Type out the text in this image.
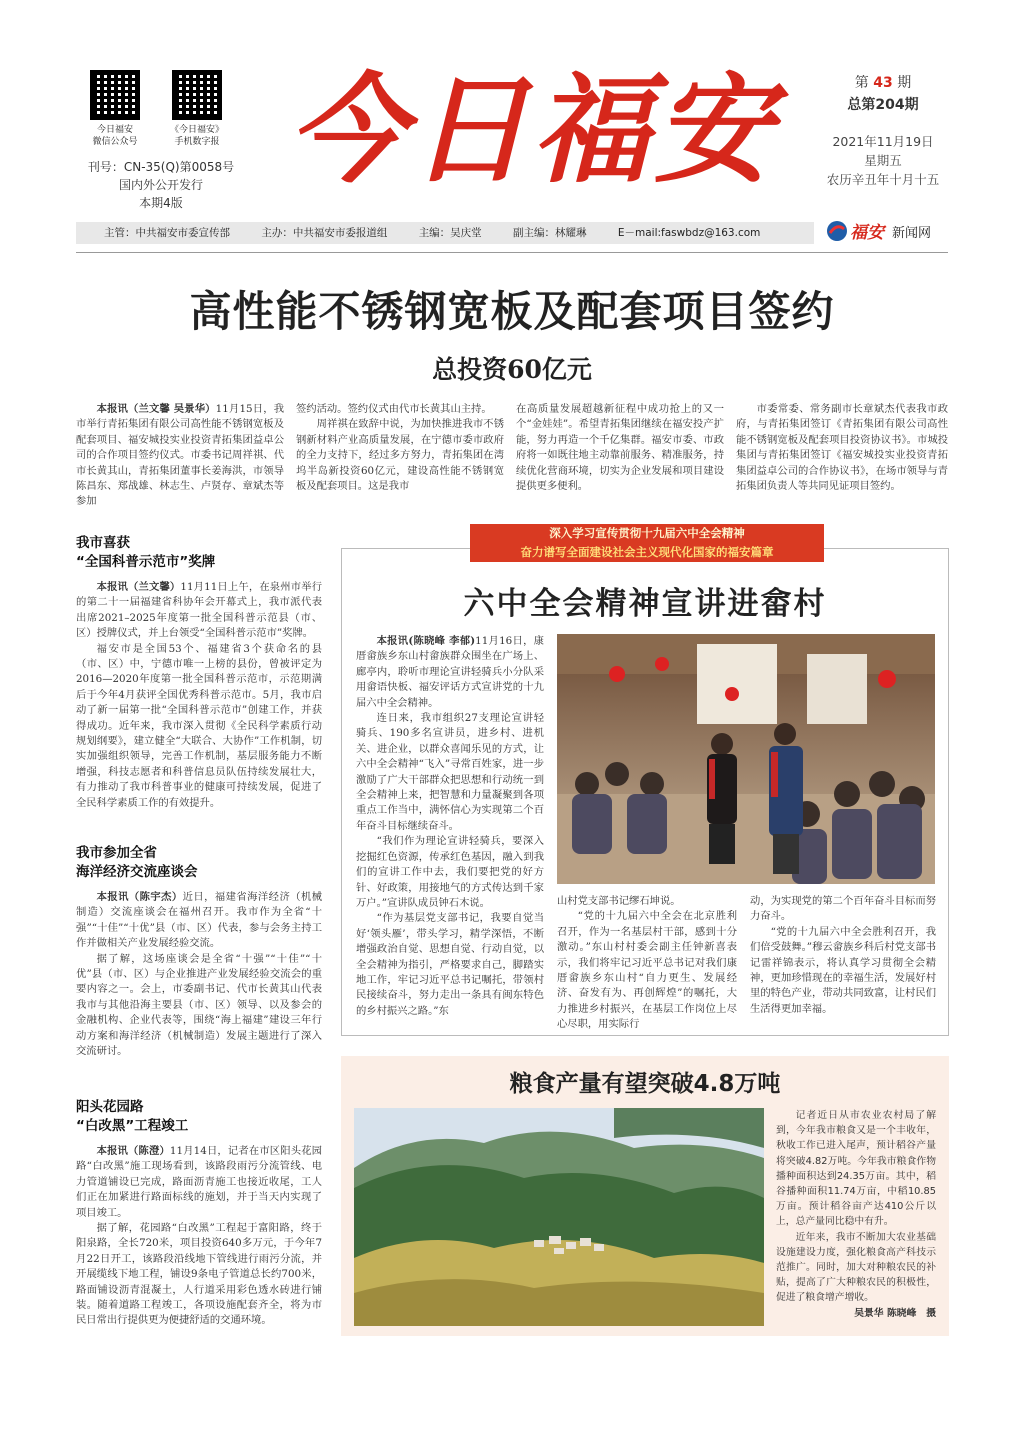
今日福安
微信公众号
《今日福安》
手机数字报
刊号：CN-35(Q)第0058号
国内外公开发行
本期4版
今日福安	第 43 期
总第204期
2021年11月19日
星期五
农历辛丑年十月十五
主管：中共福安市委宣传部	主办：中共福安市委报道组	主编：吴庆堂	副主编：林耀琳	E－mail:faswbdz@163.com	福安 新闻网
高性能不锈钢宽板及配套项目签约
总投资60亿元

本报讯（兰文馨 吴景华）11月15日，我市举行青拓集团有限公司高性能不锈钢宽板及配套项目、福安城投实业投资青拓集团益卓公司的合作项目签约仪式。市委书记周祥祺、代市长黄其山，青拓集团董事长姜海洪，市领导陈昌东、郑战雄、林志生、卢贤存、章斌杰等参加

签约活动。签约仪式由代市长黄其山主持。

周祥祺在致辞中说，为加快推进我市不锈钢新材料产业高质量发展，在宁德市委市政府的全力支持下，经过多方努力，青拓集团在湾坞半岛新投资60亿元，建设高性能不锈钢宽板及配套项目。这是我市

在高质量发展超越新征程中成功抢上的又一个“金娃娃”。希望青拓集团继续在福安投产扩能，努力再造一个千亿集群。福安市委、市政府将一如既往地主动靠前服务、精准服务，持续优化营商环境，切实为企业发展和项目建设提供更多便利。

市委常委、常务副市长章斌杰代表我市政府，与青拓集团签订《青拓集团有限公司高性能不锈钢宽板及配套项目投资协议书》。市城投集团与青拓集团签订《福安城投实业投资青拓集团益卓公司的合作协议书》，在场市领导与青拓集团负责人等共同见证项目签约。

我市喜获
“全国科普示范市”奖牌

本报讯（兰文馨）11月11日上午，在泉州市举行的第二十一届福建省科协年会开幕式上，我市派代表出席2021–2025年度第一批全国科普示范县（市、区）授牌仪式，并上台领受“全国科普示范市”奖牌。

福安市是全国53个、福建省3个获命名的县（市、区）中，宁德市唯一上榜的县份，曾被评定为2016—2020年度第一批全国科普示范市，示范期满后于今年4月获评全国优秀科普示范市。5月，我市启动了新一届第一批“全国科普示范市”创建工作，并获得成功。近年来，我市深入贯彻《全民科学素质行动规划纲要》，建立健全“大联合、大协作”工作机制，切实加强组织领导，完善工作机制，基层服务能力不断增强，科技志愿者和科普信息员队伍持续发展壮大，有力推动了我市科普事业的健康可持续发展，促进了全民科学素质工作的有效提升。

我市参加全省
海洋经济交流座谈会

本报讯（陈宇杰）近日，福建省海洋经济（机械制造）交流座谈会在福州召开。我市作为全省“十强”“十佳”“十优”县（市、区）代表，参与会务主持工作并做相关产业发展经验交流。

据了解，这场座谈会是全省“十强”“十佳”“十优”县（市、区）与企业推进产业发展经验交流会的重要内容之一。会上，市委副书记、代市长黄其山代表我市与其他沿海主要县（市、区）领导、以及参会的金融机构、企业代表等，围绕“海上福建”建设三年行动方案和海洋经济（机械制造）发展主题进行了深入交流研讨。

阳头花园路
“白改黑”工程竣工

本报讯（陈澄）11月14日，记者在市区阳头花园路“白改黑”施工现场看到，该路段雨污分流管线、电力管道铺设已完成，路面沥青施工也接近收尾，工人们正在加紧进行路面标线的施划，并于当天内实现了项目竣工。

据了解，花园路“白改黑”工程起于富阳路，终于阳泉路，全长720米，项目投资640多万元，于今年7月22日开工，该路段沿线地下管线进行雨污分流，并开展缆线下地工程，铺设9条电子管道总长约700米，路面铺设沥青混凝土，人行道采用彩色透水砖进行铺装。随着道路工程竣工，各项设施配套齐全，将为市民日常出行提供更为便捷舒适的交通环境。

深入学习宣传贯彻十九届六中全会精神
奋力谱写全面建设社会主义现代化国家的福安篇章
六中全会精神宣讲进畲村

本报讯(陈晓峰 李郁)11月16日，康厝畲族乡东山村畲族群众围坐在广场上、廊亭内，聆听市理论宣讲轻骑兵小分队采用畲语快板、福安评话方式宣讲党的十九届六中全会精神。

连日来，我市组织27支理论宣讲轻骑兵、190多名宣讲员，进乡村、进机关、进企业，以群众喜闻乐见的方式，让六中全会精神“飞入”寻常百姓家，进一步激励了广大干部群众把思想和行动统一到全会精神上来，把智慧和力量凝聚到各项重点工作当中，满怀信心为实现第二个百年奋斗目标继续奋斗。

“我们作为理论宣讲轻骑兵，要深入挖掘红色资源，传承红色基因，融入到我们的宣讲工作中去，我们要把党的好方针、好政策，用接地气的方式传达到千家万户。”宣讲队成员钟石木说。

“作为基层党支部书记，我要自觉当好‘领头雁’，带头学习，精学深悟，不断增强政治自觉、思想自觉、行动自觉，以全会精神为指引，严格要求自己，脚踏实地工作，牢记习近平总书记嘱托，带领村民接续奋斗，努力走出一条具有闽东特色的乡村振兴之路。”东

山村党支部书记缪石坤说。

“党的十九届六中全会在北京胜利召开，作为一名基层村干部，感到十分激动。”东山村村委会副主任钟新喜表示，我们将牢记习近平总书记对我们康厝畲族乡东山村“自力更生、发展经济、奋发有为、再创辉煌”的嘱托，大力推进乡村振兴，在基层工作岗位上尽心尽职，用实际行

动，为实现党的第二个百年奋斗目标而努力奋斗。

“党的十九届六中全会胜利召开，我们倍受鼓舞。”穆云畲族乡科后村党支部书记雷祥锦表示，将认真学习贯彻全会精神，更加珍惜现在的幸福生活，发展好村里的特色产业，带动共同致富，让村民们生活得更加幸福。

粮食产量有望突破4.8万吨

记者近日从市农业农村局了解到，今年我市粮食又是一个丰收年，秋收工作已进入尾声，预计稻谷产量将突破4.82万吨。今年我市粮食作物播种面积达到24.35万亩。其中，稻谷播种面积11.74万亩，中稻10.85万亩。预计稻谷亩产达410公斤以上，总产量同比稳中有升。

近年来，我市不断加大农业基础设施建设力度，强化粮食高产科技示范推广。同时，加大对种粮农民的补贴，提高了广大种粮农民的积极性，促进了粮食增产增收。

吴景华 陈晓峰　摄
